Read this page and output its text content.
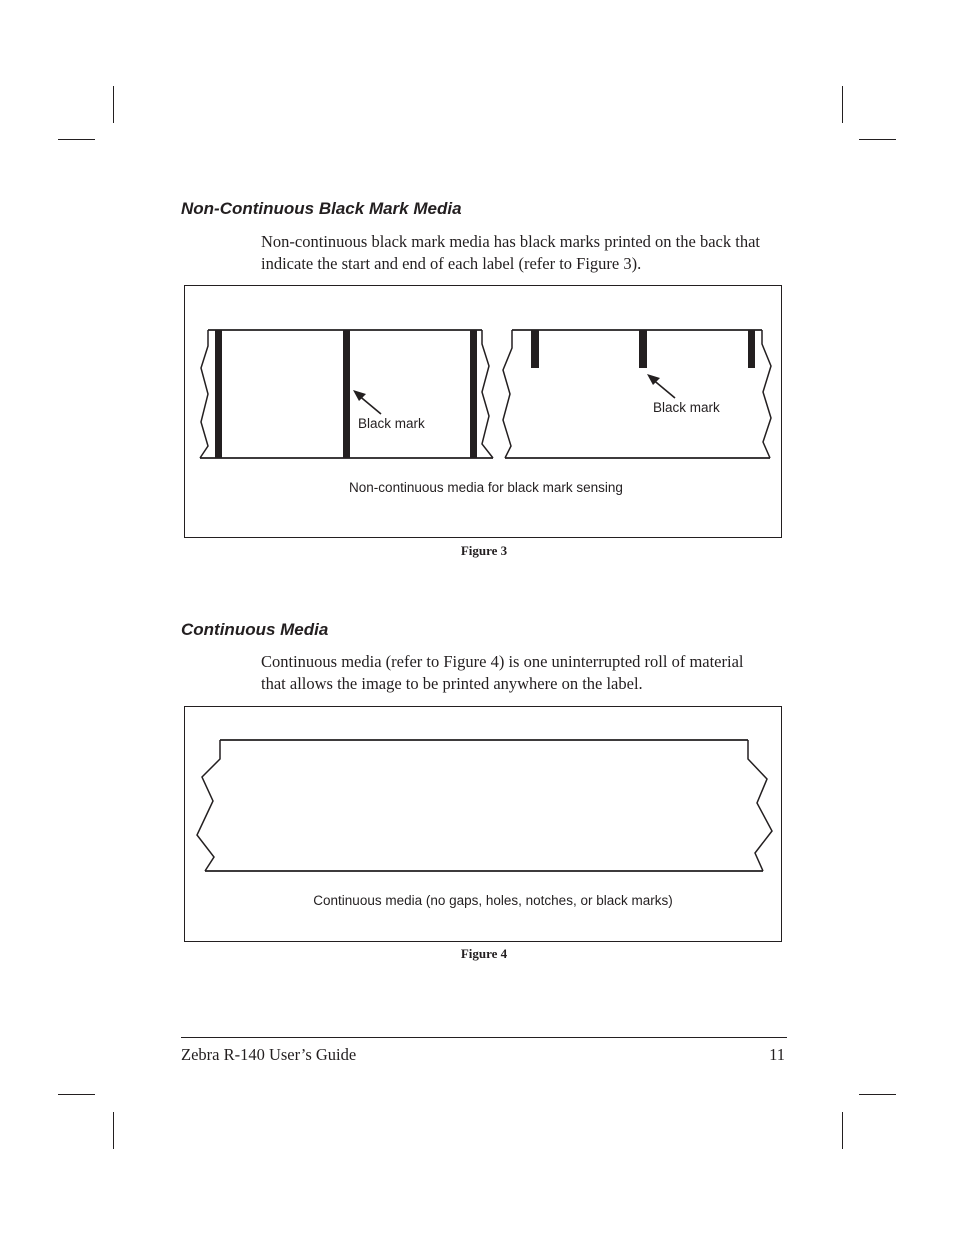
Non-Continuous Black Mark Media

Non-continuous black mark media has black marks printed on the back that
indicate the start and end of each label (refer to Figure 3).

Black mark
Black mark
Non-continuous media for black mark sensing
Figure 3
Continuous Media

Continuous media (refer to Figure 4) is one uninterrupted roll of material
that allows the image to be printed anywhere on the label.

Continuous media (no gaps, holes, notches, or black marks)
Figure 4
Zebra R-140 User’s Guide	11
